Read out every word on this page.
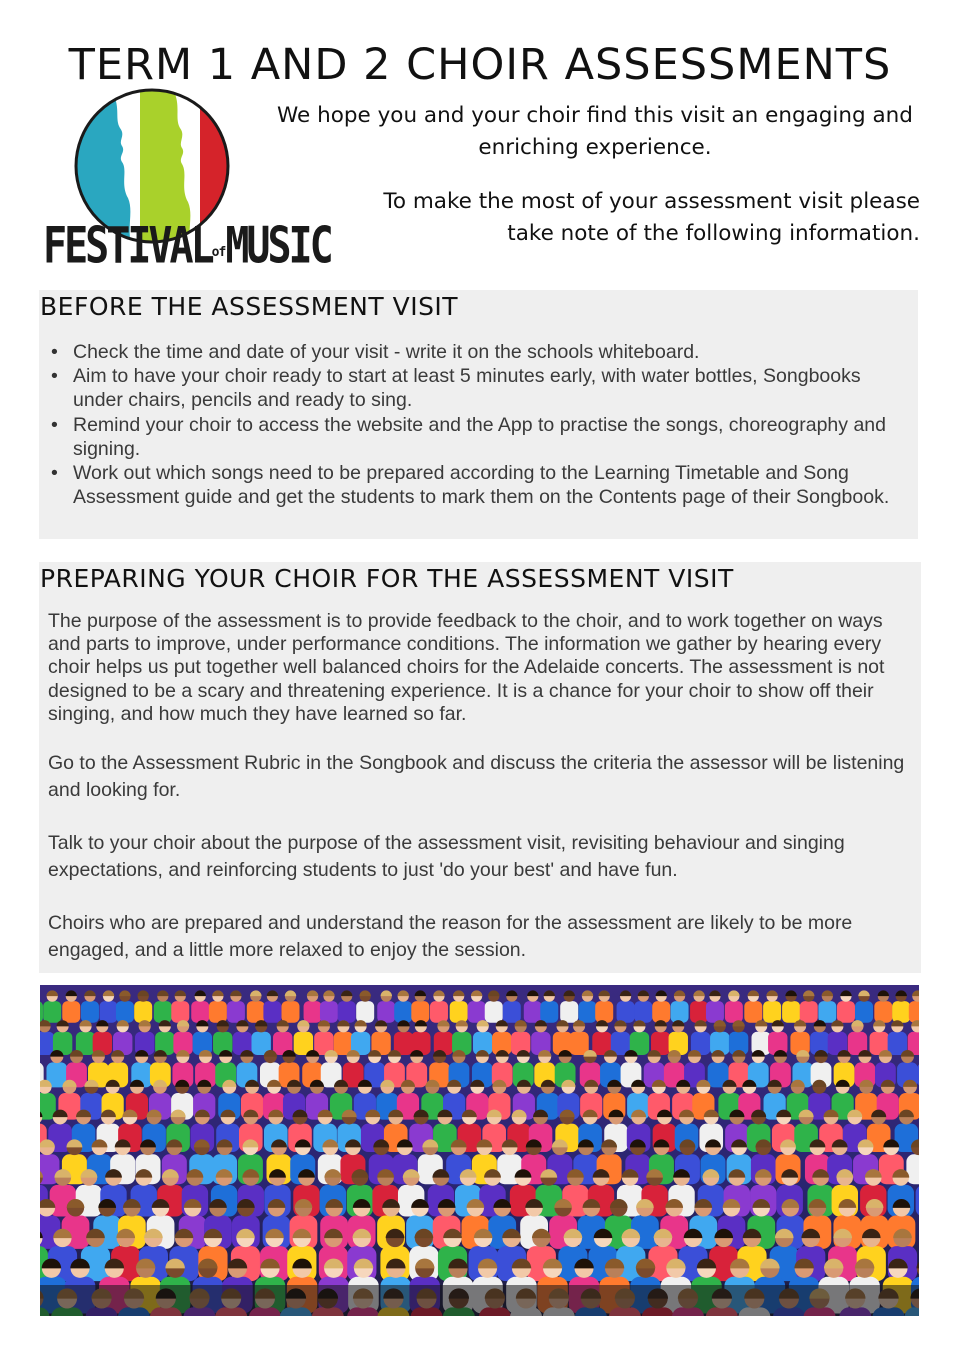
TERM 1 AND 2 CHOIR ASSESSMENTS
FESTIVALofMUSIC

We hope you and your choir find this visit an engaging and enriching experience.

To make the most of your assessment visit please
take note of the following information.

BEFORE THE ASSESSMENT VISIT
• Check the time and date of your visit - write it on the schools whiteboard.
• Aim to have your choir ready to start at least 5 minutes early, with water bottles, Songbooks under chairs, pencils and ready to sing.
• Remind your choir to access the website and the App to practise the songs, choreography and signing.
• Work out which songs need to be prepared according to the Learning Timetable and Song Assessment guide and get the students to mark them on the Contents page of their Songbook.
PREPARING YOUR CHOIR FOR THE ASSESSMENT VISIT

The purpose of the assessment is to provide feedback to the choir, and to work together on ways and parts to improve, under performance conditions. The information we gather by hearing every choir helps us put together well balanced choirs for the Adelaide concerts. The assessment is not designed to be a scary and threatening experience. It is a chance for your choir to show off their singing, and how much they have learned so far.

Go to the Assessment Rubric in the Songbook and discuss the criteria the assessor will be listening and looking for.

Talk to your choir about the purpose of the assessment visit, revisiting behaviour and singing expectations, and reinforcing students to just 'do your best' and have fun.

Choirs who are prepared and understand the reason for the assessment are likely to be more engaged, and a little more relaxed to enjoy the session.
